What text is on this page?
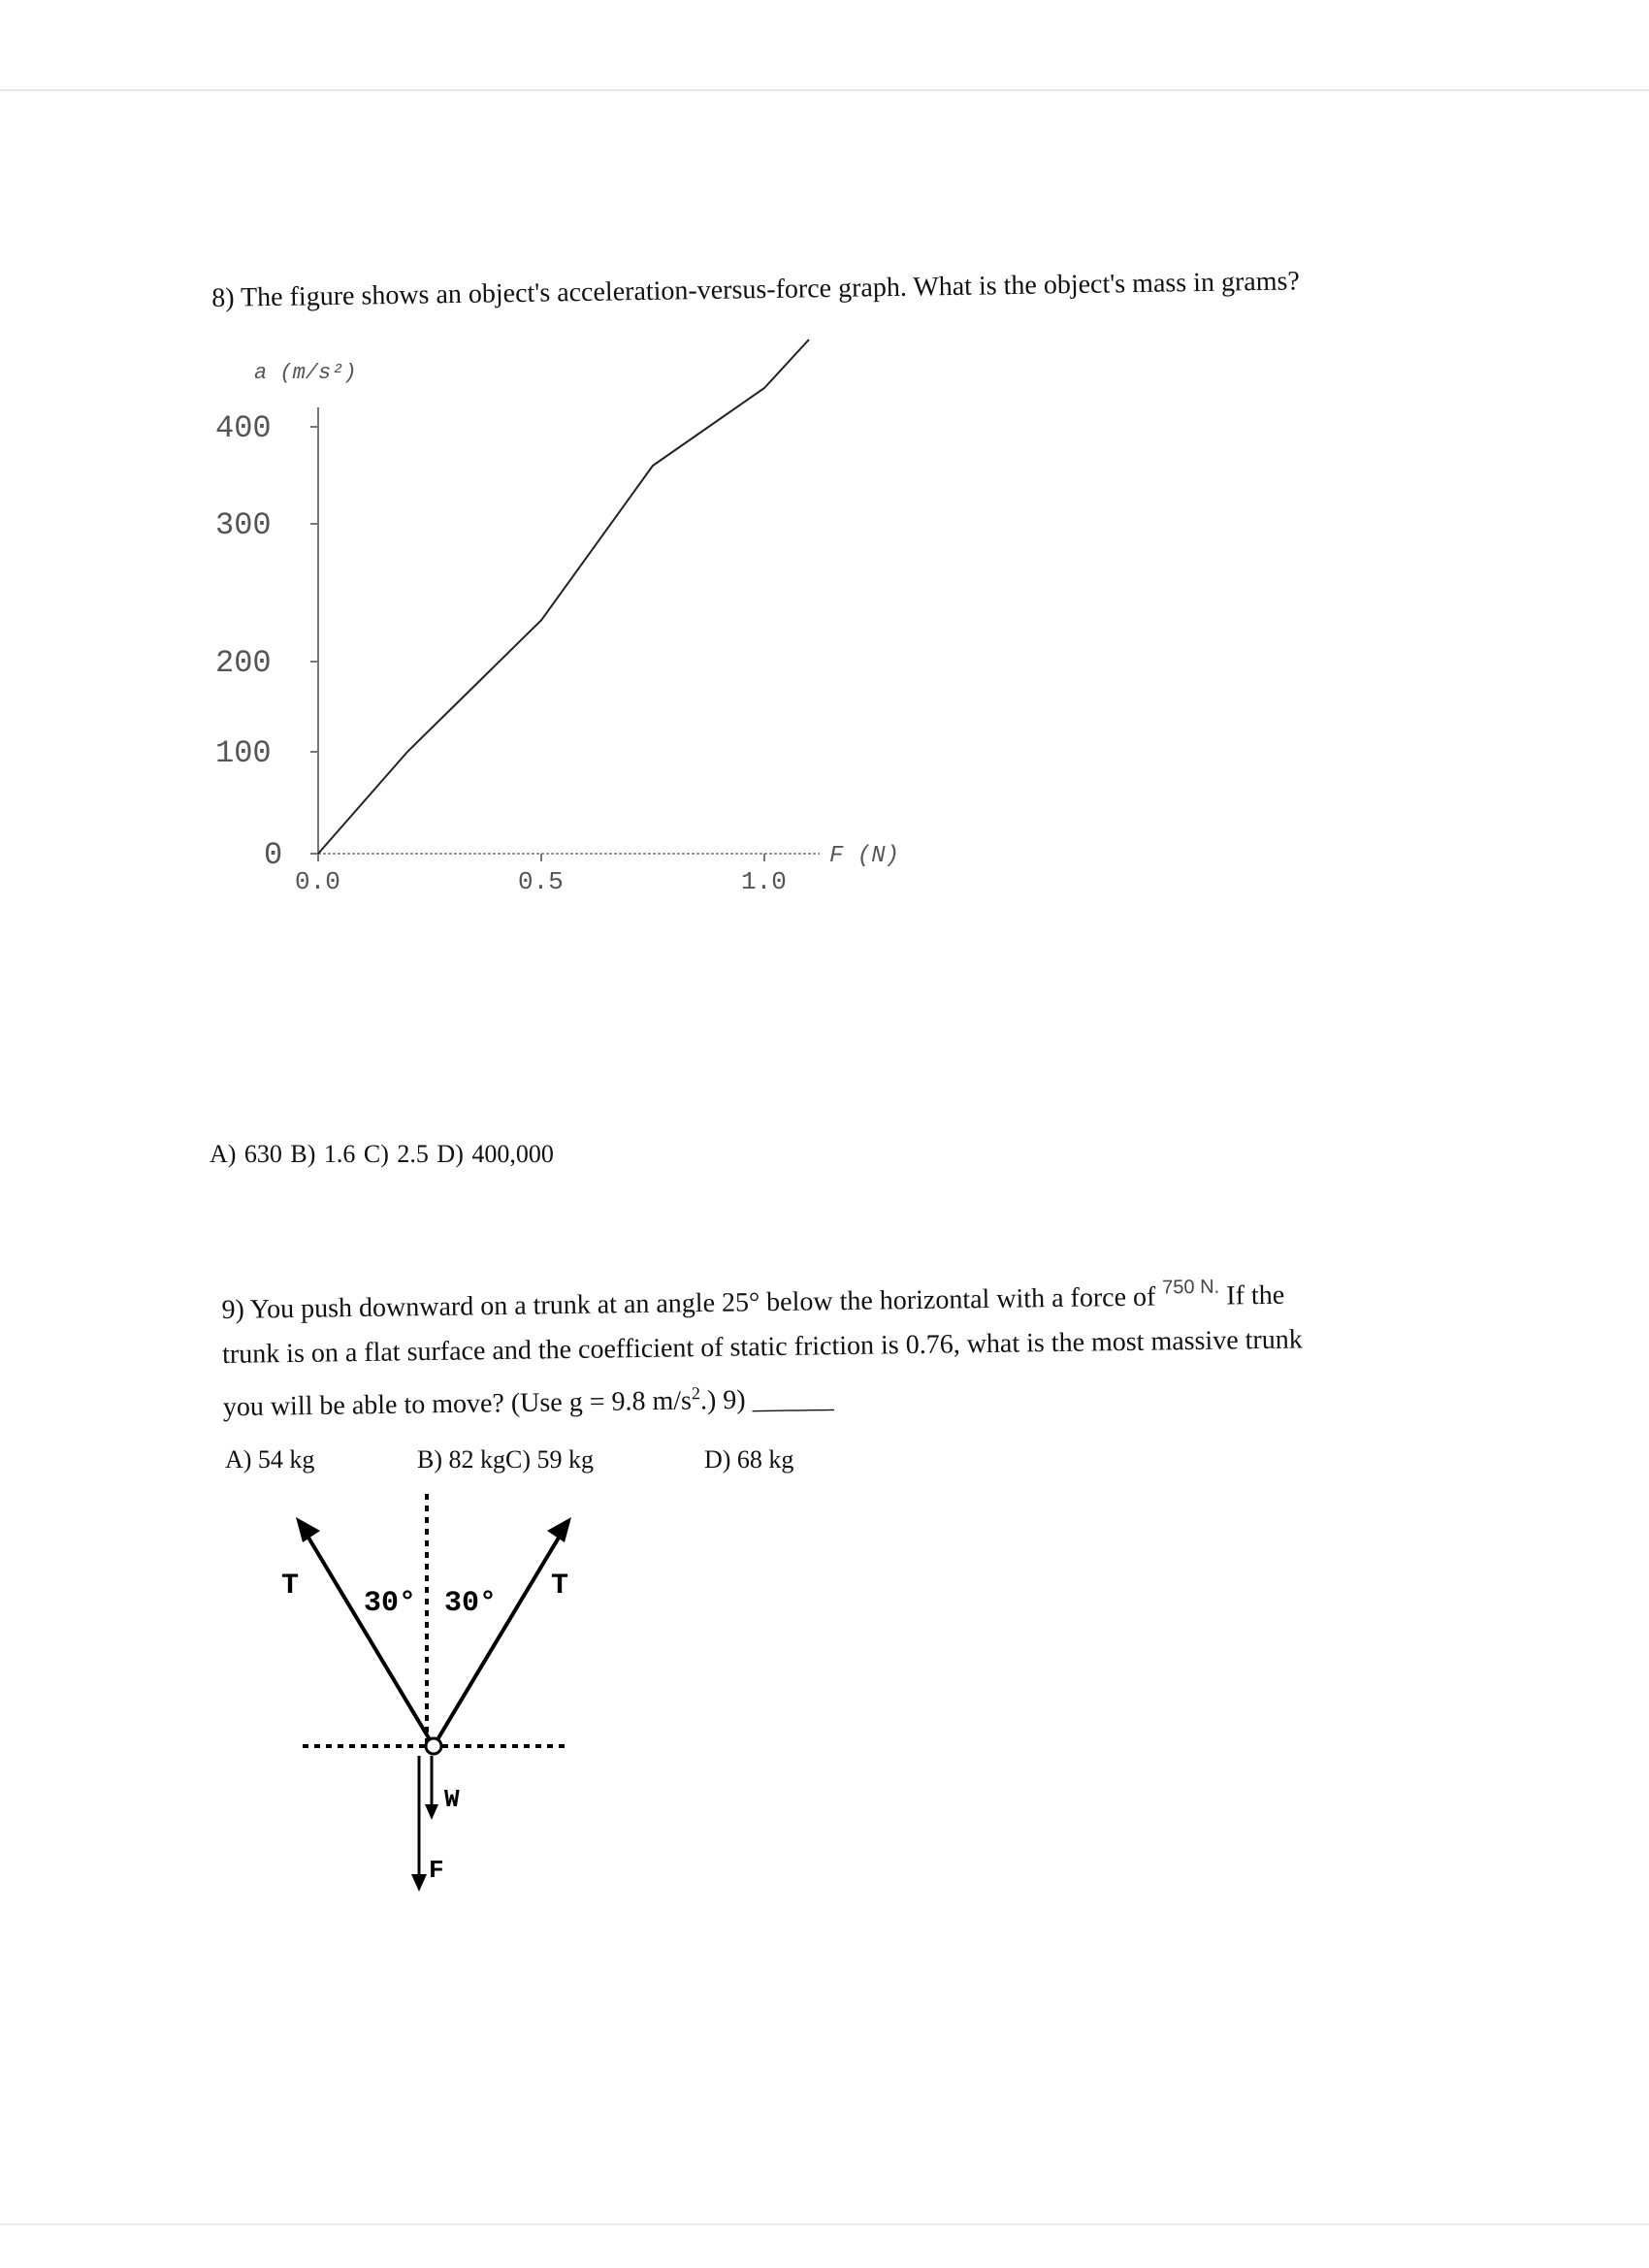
8) The figure shows an object's acceleration-versus-force graph. What is the object's mass in grams?
0
100
200
300
400
0.0	0.5	1.0
a (m/s²)
F (N)
A) 630 B) 1.6 C) 2.5 D) 400,000
9) You push downward on a trunk at an angle 25° below the horizontal with a force of $^{750 N.}$ If the
trunk is on a flat surface and the coefficient of static friction is 0.76, what is the most massive trunk
you will be able to move? (Use g = 9.8 $m/s^2$.) 9) ______
A) 54 kg	B) 82 kgC) 59 kg	D) 68 kg
T	T
30° 30°
W
F
